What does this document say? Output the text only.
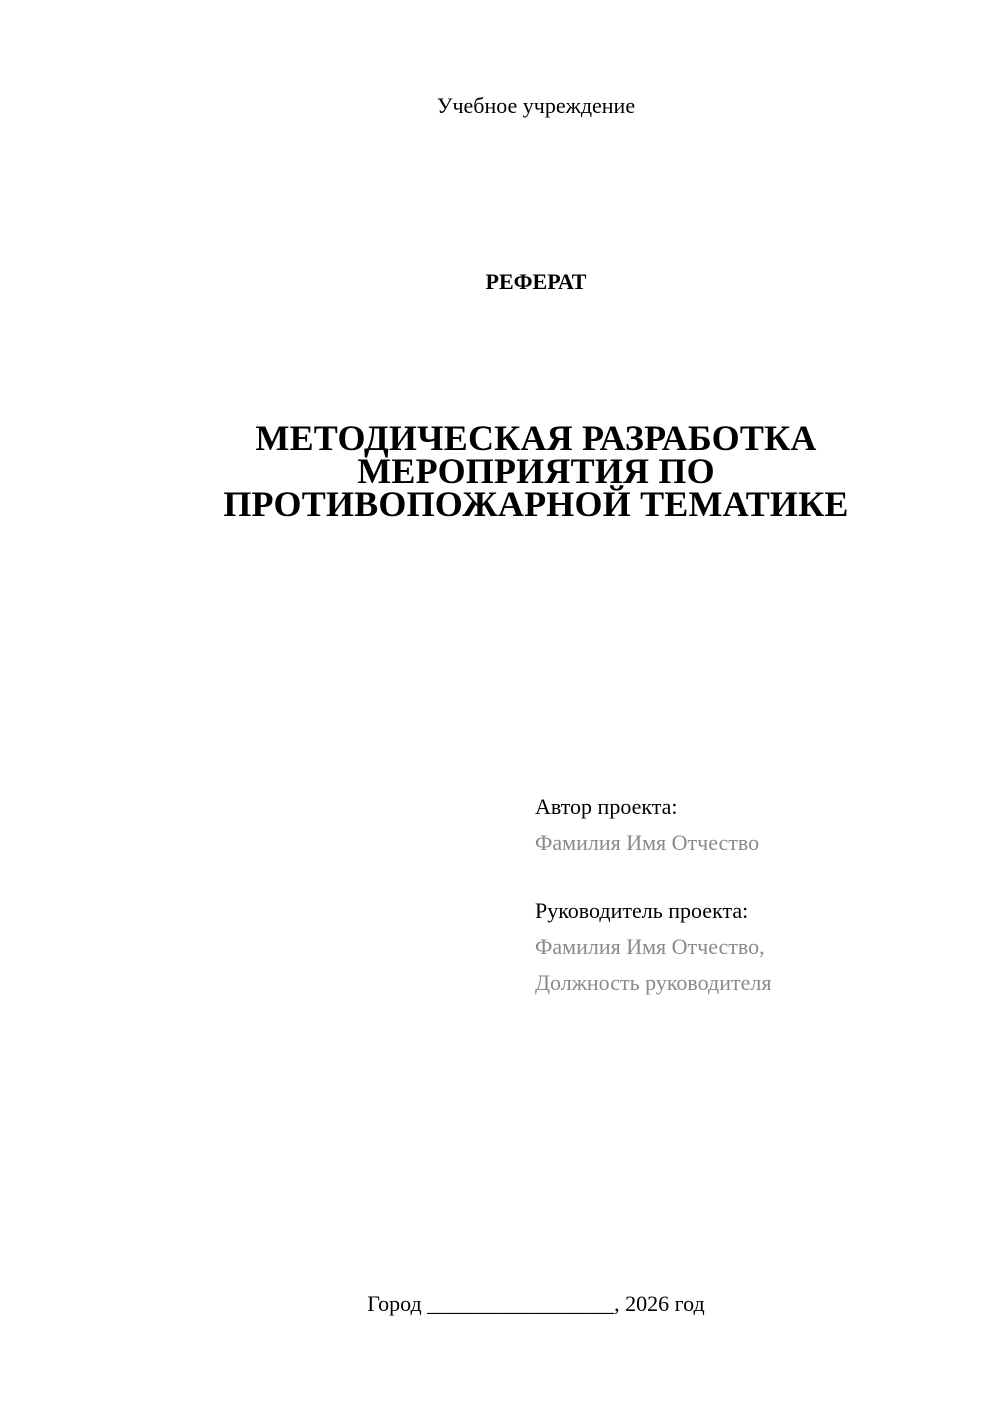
Учебное учреждение
РЕФЕРАТ
МЕТОДИЧЕСКАЯ РАЗРАБОТКА
МЕРОПРИЯТИЯ ПО
ПРОТИВОПОЖАРНОЙ ТЕМАТИКЕ
Автор проекта:
Фамилия Имя Отчество
Руководитель проекта:
Фамилия Имя Отчество,
Должность руководителя
Город _________________, 2026 год
